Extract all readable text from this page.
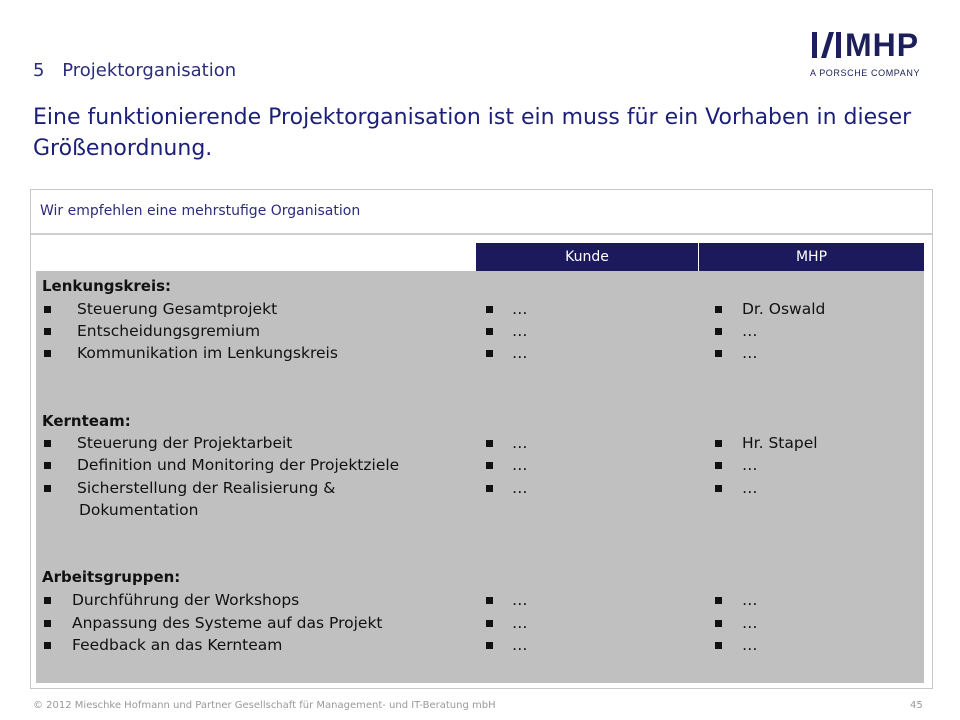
5 Projektorganisation
Eine funktionierende Projektorganisation ist ein muss für ein Vorhaben in dieser Größenordnung.
MHP
A PORSCHE COMPANY
Wir empfehlen eine mehrstufige Organisation
Kunde	MHP
Lenkungskreis:
Steuerung Gesamtprojekt
Entscheidungsgremium
Kommunikation im Lenkungskreis
…
…
…
Dr. Oswald
…
…
Kernteam:
Steuerung der Projektarbeit
Definition und Monitoring der Projektziele
Sicherstellung der Realisierung &
Dokumentation
…
…
…
Hr. Stapel
…
…
Arbeitsgruppen:
Durchführung der Workshops
Anpassung des Systeme auf das Projekt
Feedback an das Kernteam
…
…
…
…
…
…
© 2012 Mieschke Hofmann und Partner Gesellschaft für Management- und IT-Beratung mbH	45
